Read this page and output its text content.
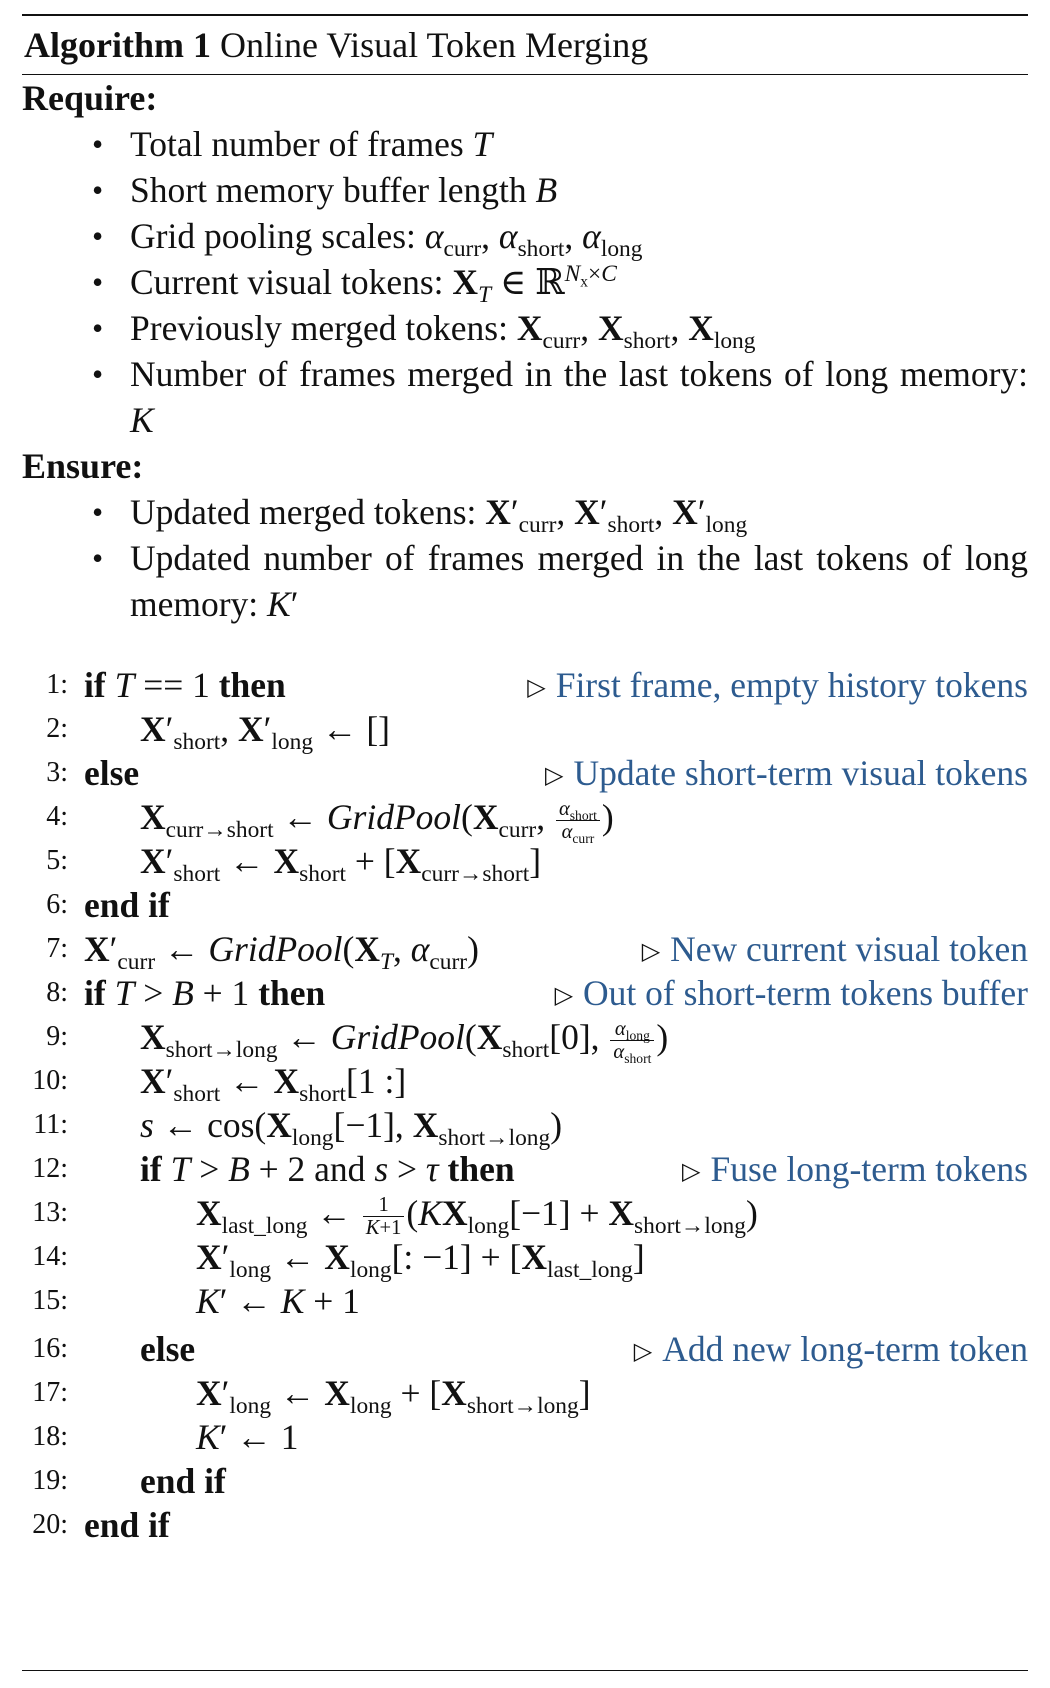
Algorithm 1 Online Visual Token Merging
Require:
• Total number of frames T
• Short memory buffer length B
• Grid pooling scales: $\alpha_{curr}$, $\alpha_{short}$, $\alpha_{long}$
• Current visual tokens: $X_T$ ∈ ℝ$^{N_x\times C}$
• Previously merged tokens: $X_{curr}$, $X_{short}$, $X_{long}$
• Number of frames merged in the last tokens of long memory: K
Ensure:
• Updated merged tokens: $X'_{curr}$, $X'_{short}$, $X'_{long}$
• Updated number of frames merged in the last tokens of long memory: K′
1: if T == 1 then	▷ First frame, empty history tokens
2: $X'_{short}$, $X'_{long}$ ← []
3: else	▷ Update short-term visual tokens
4: $X_{curr\to short}$ ← $GridPool(X_{curr}$, $\frac{\alpha_{short}}{\alpha_{curr}}$ )
5: $X'_{short}$ ← $X_{short} + [X_{curr\to short}]$
6: end if
7: $X'_{curr}$ ← $GridPool(X_T$, $\alpha_{curr}$)	▷ New current visual token
8: if T > B + 1 then	▷ Out of short-term tokens buffer
9: $X_{short\to long}$ ← $GridPool(X_{short}[0]$, $\frac{\alpha_{long}}{\alpha_{short}}$ )
10: $X'_{short}$ ← $X_{short}[1$ :]
11: s ← $\cos(X_{long}[-1]$, $X_{short\to long}$)
12: if T > B + 2 and s > τ then	▷ Fuse long-term tokens
13:	$X_{last\_long}$ ← $\frac{1}{K+1} (KX_{long}[-1] + X_{short\to long})$
14:	$X'_{long}$ ← $X_{long}$[: $-1] + [X_{last\_long}]$
15:	K′ ← K + 1
16: else	▷ Add new long-term token
17:	$X'_{long}$ ← $X_{long} + [X_{short\to long}]$
18:	K′ ← 1
19: end if
20: end if
